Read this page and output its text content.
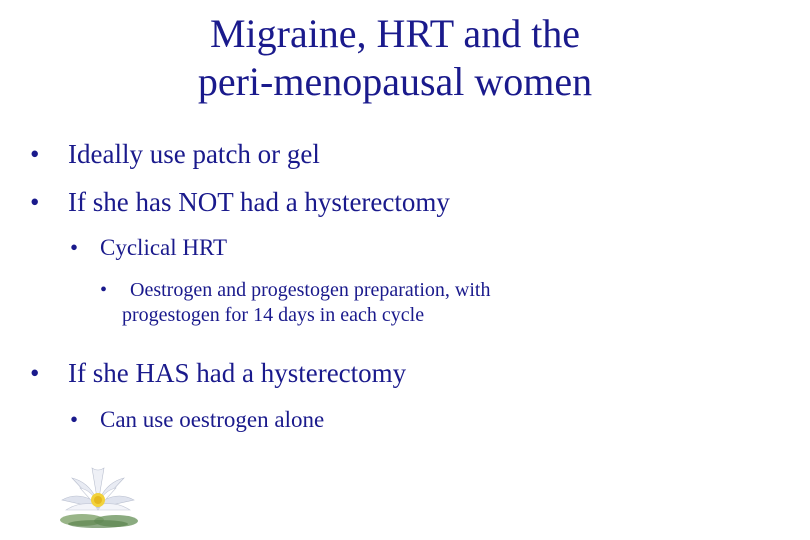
Migraine, HRT and the
peri-menopausal women
• Ideally use patch or gel
• If she has NOT had a hysterectomy
• Cyclical HRT
• Oestrogen and progestogen preparation, with
progestogen for 14 days in each cycle
• If she HAS had a hysterectomy
• Can use oestrogen alone
